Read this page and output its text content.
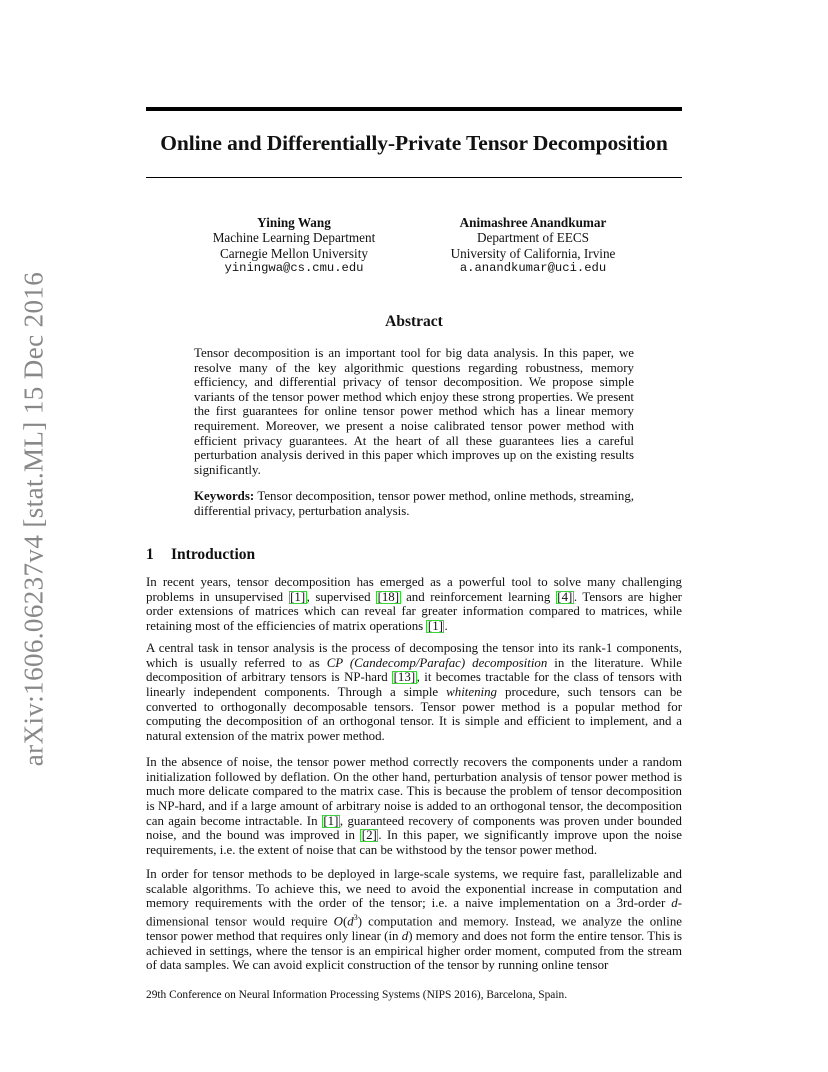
Online and Differentially-Private Tensor Decomposition
arXiv:1606.06237v4 [stat.ML] 15 Dec 2016
Yining Wang
Machine Learning Department
Carnegie Mellon University
yiningwa@cs.cmu.edu
Animashree Anandkumar
Department of EECS
University of California, Irvine
a.anandkumar@uci.edu
Abstract
Tensor decomposition is an important tool for big data analysis. In this paper, we resolve many of the key algorithmic questions regarding robustness, memory efficiency, and differential privacy of tensor decomposition. We propose simple variants of the tensor power method which enjoy these strong properties. We present the first guarantees for online tensor power method which has a linear memory requirement. Moreover, we present a noise calibrated tensor power method with efficient privacy guarantees. At the heart of all these guarantees lies a careful perturbation analysis derived in this paper which improves up on the existing results significantly.
Keywords: Tensor decomposition, tensor power method, online methods, streaming, differential privacy, perturbation analysis.
1 Introduction

In recent years, tensor decomposition has emerged as a powerful tool to solve many challenging problems in unsupervised [1] , supervised [18] and reinforcement learning [4] . Tensors are higher order extensions of matrices which can reveal far greater information compared to matrices, while retaining most of the efficiencies of matrix operations [1] .

A central task in tensor analysis is the process of decomposing the tensor into its rank-1 components, which is usually referred to as CP (Candecomp/Parafac) decomposition in the literature. While decomposition of arbitrary tensors is NP-hard [13] , it becomes tractable for the class of tensors with linearly independent components. Through a simple whitening procedure, such tensors can be converted to orthogonally decomposable tensors. Tensor power method is a popular method for computing the decomposition of an orthogonal tensor. It is simple and efficient to implement, and a natural extension of the matrix power method.

In the absence of noise, the tensor power method correctly recovers the components under a random initialization followed by deflation. On the other hand, perturbation analysis of tensor power method is much more delicate compared to the matrix case. This is because the problem of tensor decomposition is NP-hard, and if a large amount of arbitrary noise is added to an orthogonal tensor, the decomposition can again become intractable. In [1] , guaranteed recovery of components was proven under bounded noise, and the bound was improved in [2] . In this paper, we significantly improve upon the noise requirements, i.e. the extent of noise that can be withstood by the tensor power method.

In order for tensor methods to be deployed in large-scale systems, we require fast, parallelizable and scalable algorithms. To achieve this, we need to avoid the exponential increase in computation and memory requirements with the order of the tensor; i.e. a naive implementation on a 3rd-order d-dimensional tensor would require $O(d^3)$ computation and memory. Instead, we analyze the online tensor power method that requires only linear (in d) memory and does not form the entire tensor. This is achieved in settings, where the tensor is an empirical higher order moment, computed from the stream of data samples. We can avoid explicit construction of the tensor by running online tensor

29th Conference on Neural Information Processing Systems (NIPS 2016), Barcelona, Spain.
